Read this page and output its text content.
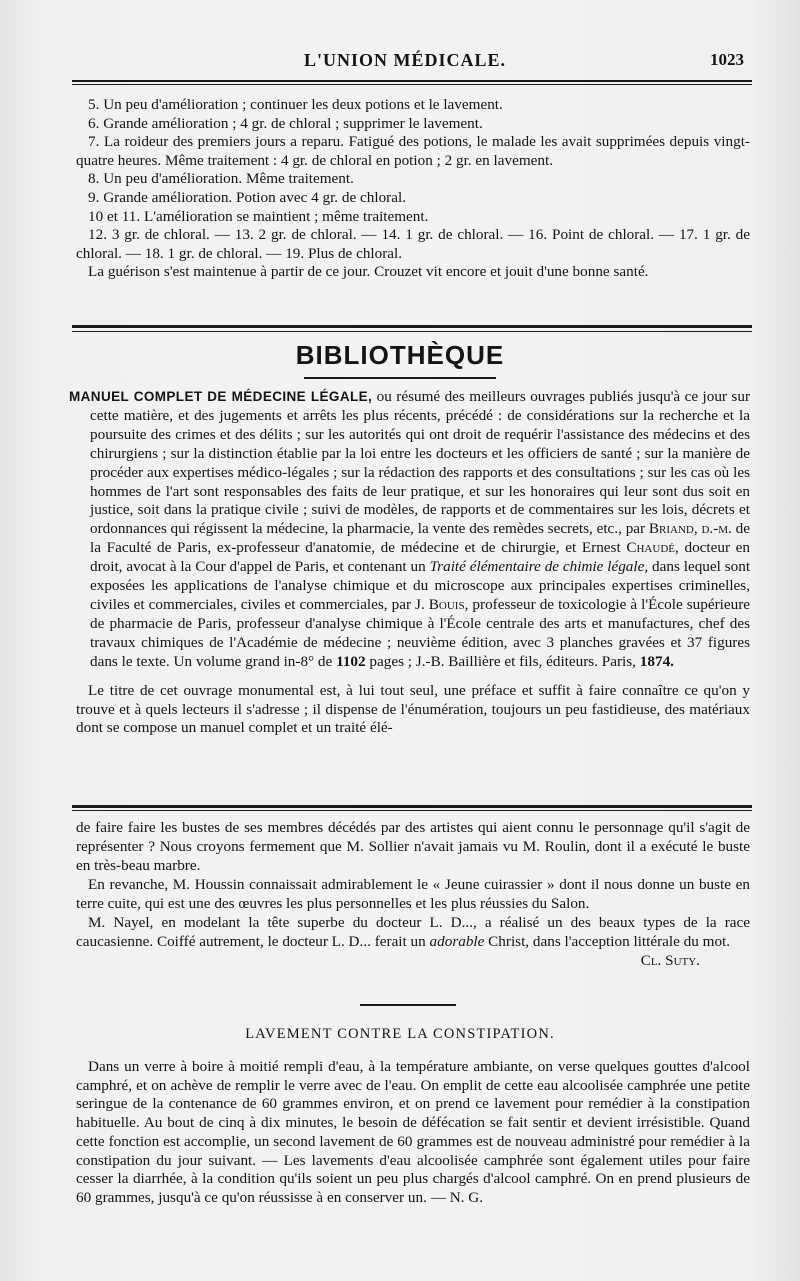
L'UNION MÉDICALE.	1023

5. Un peu d'amélioration ; continuer les deux potions et le lavement.

6. Grande amélioration ; 4 gr. de chloral ; supprimer le lavement.

7. La roideur des premiers jours a reparu. Fatigué des potions, le malade les avait supprimées depuis vingt-quatre heures. Même traitement : 4 gr. de chloral en potion ; 2 gr. en lavement.

8. Un peu d'amélioration. Même traitement.

9. Grande amélioration. Potion avec 4 gr. de chloral.

10 et 11. L'amélioration se maintient ; même traitement.

12. 3 gr. de chloral. — 13. 2 gr. de chloral. — 14. 1 gr. de chloral. — 16. Point de chloral. — 17. 1 gr. de chloral. — 18. 1 gr. de chloral. — 19. Plus de chloral.

La guérison s'est maintenue à partir de ce jour. Crouzet vit encore et jouit d'une bonne santé.

BIBLIOTHÈQUE

MANUEL COMPLET DE MÉDECINE LÉGALE, ou résumé des meilleurs ouvrages publiés jusqu'à ce jour sur cette matière, et des jugements et arrêts les plus récents, précédé : de considérations sur la recherche et la poursuite des crimes et des délits ; sur les autorités qui ont droit de requérir l'assistance des médecins et des chirurgiens ; sur la distinction établie par la loi entre les docteurs et les officiers de santé ; sur la manière de procéder aux expertises médico-légales ; sur la rédaction des rapports et des consultations ; sur les cas où les hommes de l'art sont responsables des faits de leur pratique, et sur les honoraires qui leur sont dus soit en justice, soit dans la pratique civile ; suivi de modèles, de rapports et de commentaires sur les lois, décrets et ordonnances qui régissent la médecine, la pharmacie, la vente des remèdes secrets, etc., par Briand, d.-m. de la Faculté de Paris, ex-professeur d'anatomie, de médecine et de chirurgie, et Ernest Chaudé, docteur en droit, avocat à la Cour d'appel de Paris, et contenant un Traité élémentaire de chimie légale, dans lequel sont exposées les applications de l'analyse chimique et du microscope aux principales expertises criminelles, civiles et commerciales, civiles et commerciales, par J. Bouis, professeur de toxicologie à l'École supérieure de pharmacie de Paris, professeur d'analyse chimique à l'École centrale des arts et manufactures, chef des travaux chimiques de l'Académie de médecine ; neuvième édition, avec 3 planches gravées et 37 figures dans le texte. Un volume grand in-8° de 1102 pages ; J.-B. Baillière et fils, éditeurs. Paris, 1874.

Le titre de cet ouvrage monumental est, à lui tout seul, une préface et suffit à faire connaître ce qu'on y trouve et à quels lecteurs il s'adresse ; il dispense de l'énumération, toujours un peu fastidieuse, des matériaux dont se compose un manuel complet et un traité élé-

de faire faire les bustes de ses membres décédés par des artistes qui aient connu le personnage qu'il s'agit de représenter ? Nous croyons fermement que M. Sollier n'avait jamais vu M. Roulin, dont il a exécuté le buste en très-beau marbre.

En revanche, M. Houssin connaissait admirablement le « Jeune cuirassier » dont il nous donne un buste en terre cuite, qui est une des œuvres les plus personnelles et les plus réussies du Salon.

M. Nayel, en modelant la tête superbe du docteur L. D..., a réalisé un des beaux types de la race caucasienne. Coiffé autrement, le docteur L. D... ferait un adorable Christ, dans l'acception littérale du mot.

Cl. Suty.
LAVEMENT CONTRE LA CONSTIPATION.

Dans un verre à boire à moitié rempli d'eau, à la température ambiante, on verse quelques gouttes d'alcool camphré, et on achève de remplir le verre avec de l'eau. On emplit de cette eau alcoolisée camphrée une petite seringue de la contenance de 60 grammes environ, et on prend ce lavement pour remédier à la constipation habituelle. Au bout de cinq à dix minutes, le besoin de défécation se fait sentir et devient irrésistible. Quand cette fonction est accomplie, un second lavement de 60 grammes est de nouveau administré pour remédier à la constipation du jour suivant. — Les lavements d'eau alcoolisée camphrée sont également utiles pour faire cesser la diarrhée, à la condition qu'ils soient un peu plus chargés d'alcool camphré. On en prend plusieurs de 60 grammes, jusqu'à ce qu'on réussisse à en conserver un. — N. G.
